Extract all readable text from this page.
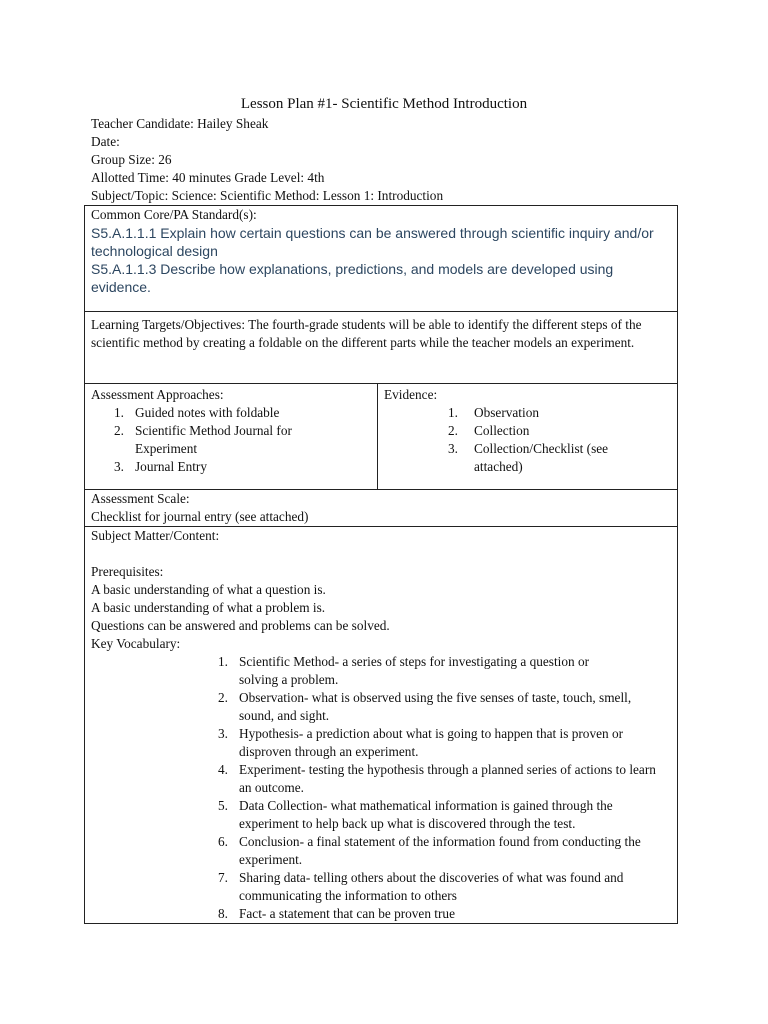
Lesson Plan #1- Scientific Method Introduction
Teacher Candidate: Hailey Sheak
Date:
Group Size: 26
Allotted Time: 40 minutes Grade Level: 4th
Subject/Topic: Science: Scientific Method: Lesson 1: Introduction
Common Core/PA Standard(s):
S5.A.1.1.1 Explain how certain questions can be answered through scientific inquiry and/or technological design
S5.A.1.1.3 Describe how explanations, predictions, and models are developed using evidence.

Learning Targets/Objectives: The fourth-grade students will be able to identify the different steps of the scientific method by creating a foldable on the different parts while the teacher models an experiment.

Assessment Approaches:
1. Guided notes with foldable
2. Scientific Method Journal for Experiment
3. Journal Entry

Evidence:
1.	Observation
2.	Collection
3.	Collection/Checklist (see attached)

Assessment Scale:
Checklist for journal entry (see attached)

Subject Matter/Content:
Prerequisites:
A basic understanding of what a question is.
A basic understanding of what a problem is.
Questions can be answered and problems can be solved.
Key Vocabulary:
1. Scientific Method- a series of steps for investigating a question or solving a problem.
2. Observation- what is observed using the five senses of taste, touch, smell, sound, and sight.
3. Hypothesis- a prediction about what is going to happen that is proven or disproven through an experiment.
4. Experiment- testing the hypothesis through a planned series of actions to learn an outcome.
5. Data Collection- what mathematical information is gained through the experiment to help back up what is discovered through the test.
6. Conclusion- a final statement of the information found from conducting the experiment.
7. Sharing data- telling others about the discoveries of what was found and communicating the information to others
8. Fact- a statement that can be proven true
